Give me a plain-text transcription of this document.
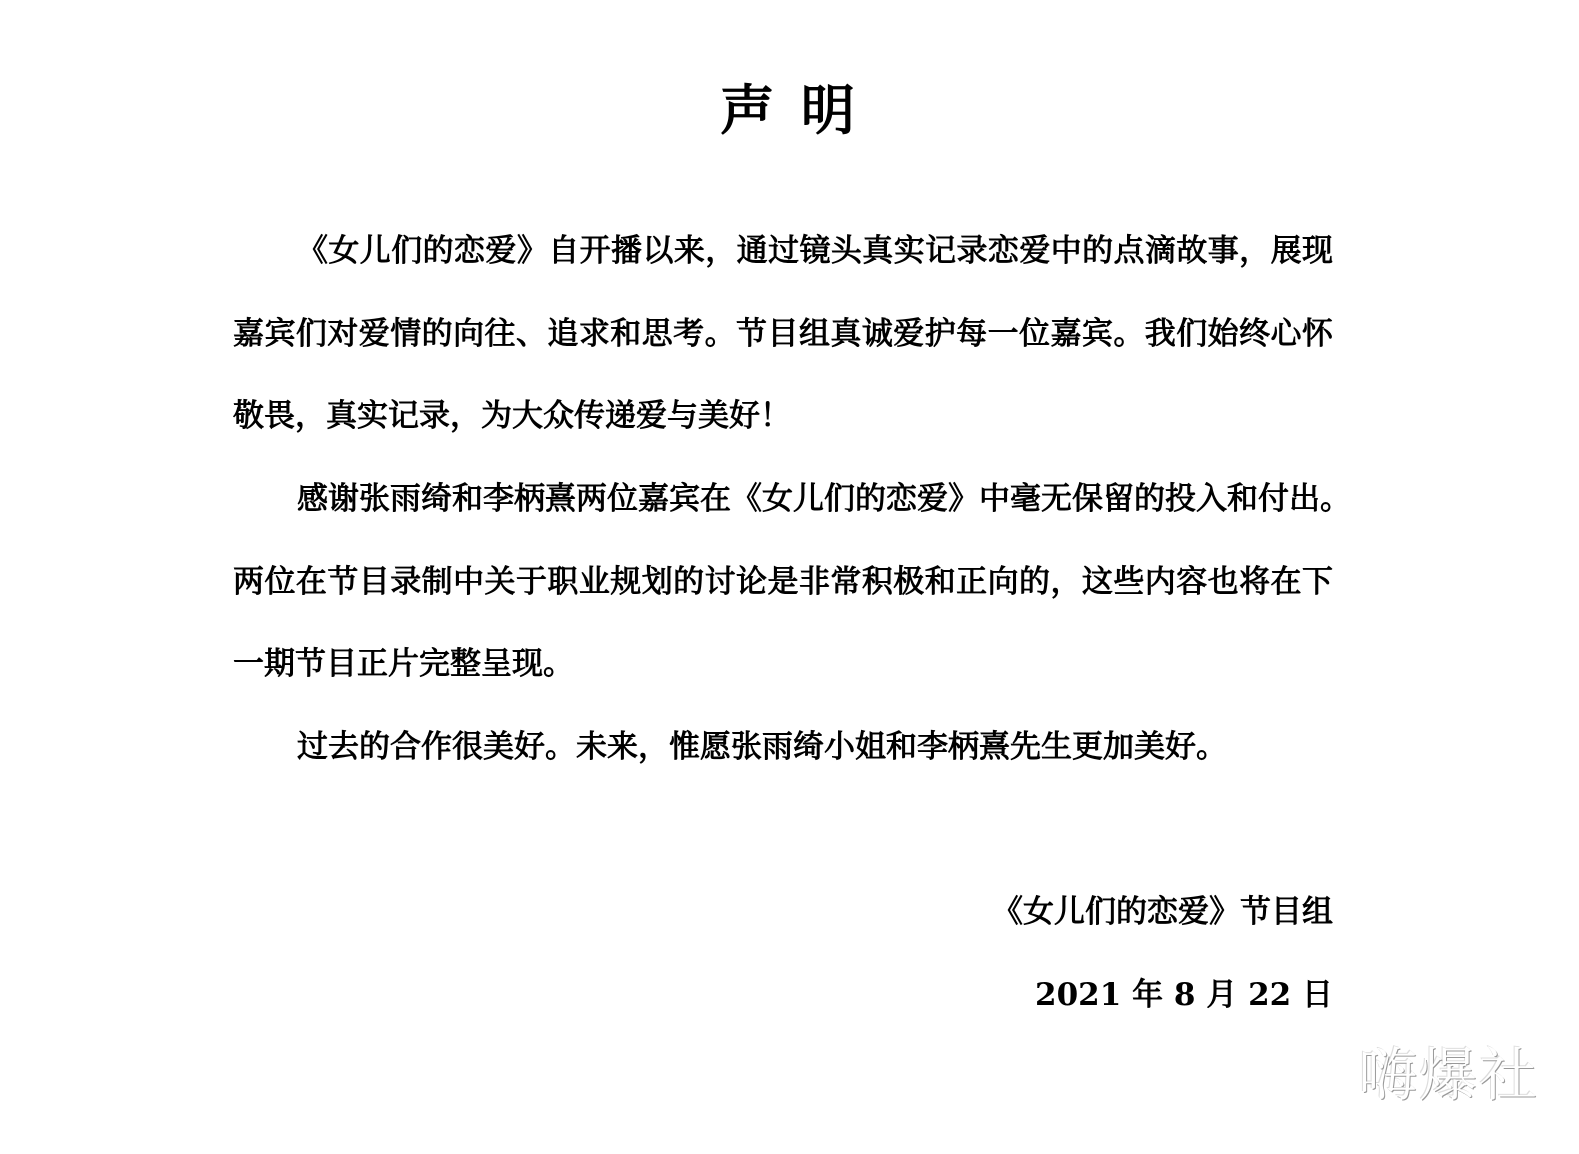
声 明
《女儿们的恋爱》自开播以来，通过镜头真实记录恋爱中的点滴故事，展现
嘉宾们对爱情的向往、追求和思考。节目组真诚爱护每一位嘉宾。我们始终心怀
敬畏，真实记录，为大众传递爱与美好！
感谢张雨绮和李柄熹两位嘉宾在《女儿们的恋爱》中毫无保留的投入和付出。
两位在节目录制中关于职业规划的讨论是非常积极和正向的，这些内容也将在下
一期节目正片完整呈现。
过去的合作很美好。未来，惟愿张雨绮小姐和李柄熹先生更加美好。
《女儿们的恋爱》节目组
2021 年 8 月 22 日
嗨爆社
